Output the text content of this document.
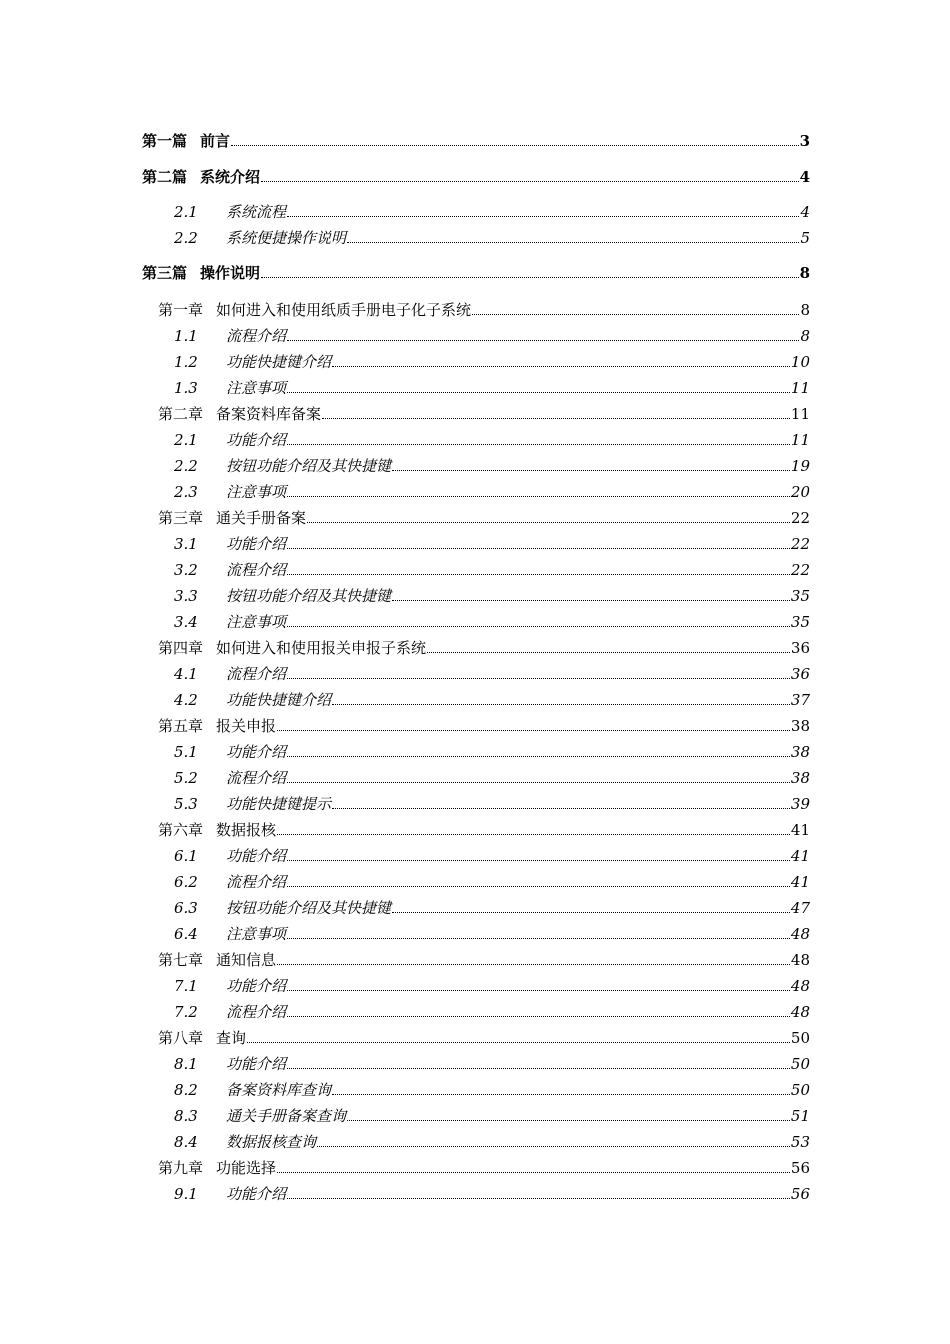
第一篇 前言	3
第二篇 系统介绍	4
2.1	系统流程	4
2.2	系统便捷操作说明	5
第三篇 操作说明	8
第一章 如何进入和使用纸质手册电子化子系统	8
1.1	流程介绍	8
1.2	功能快捷键介绍	10
1.3	注意事项	11
第二章 备案资料库备案	11
2.1	功能介绍	11
2.2	按钮功能介绍及其快捷键	19
2.3	注意事项	20
第三章 通关手册备案	22
3.1	功能介绍	22
3.2	流程介绍	22
3.3	按钮功能介绍及其快捷键	35
3.4	注意事项	35
第四章 如何进入和使用报关申报子系统	36
4.1	流程介绍	36
4.2	功能快捷键介绍	37
第五章 报关申报	38
5.1	功能介绍	38
5.2	流程介绍	38
5.3	功能快捷键提示	39
第六章 数据报核	41
6.1	功能介绍	41
6.2	流程介绍	41
6.3	按钮功能介绍及其快捷键	47
6.4	注意事项	48
第七章 通知信息	48
7.1	功能介绍	48
7.2	流程介绍	48
第八章 查询	50
8.1	功能介绍	50
8.2	备案资料库查询	50
8.3	通关手册备案查询	51
8.4	数据报核查询	53
第九章 功能选择	56
9.1	功能介绍	56
